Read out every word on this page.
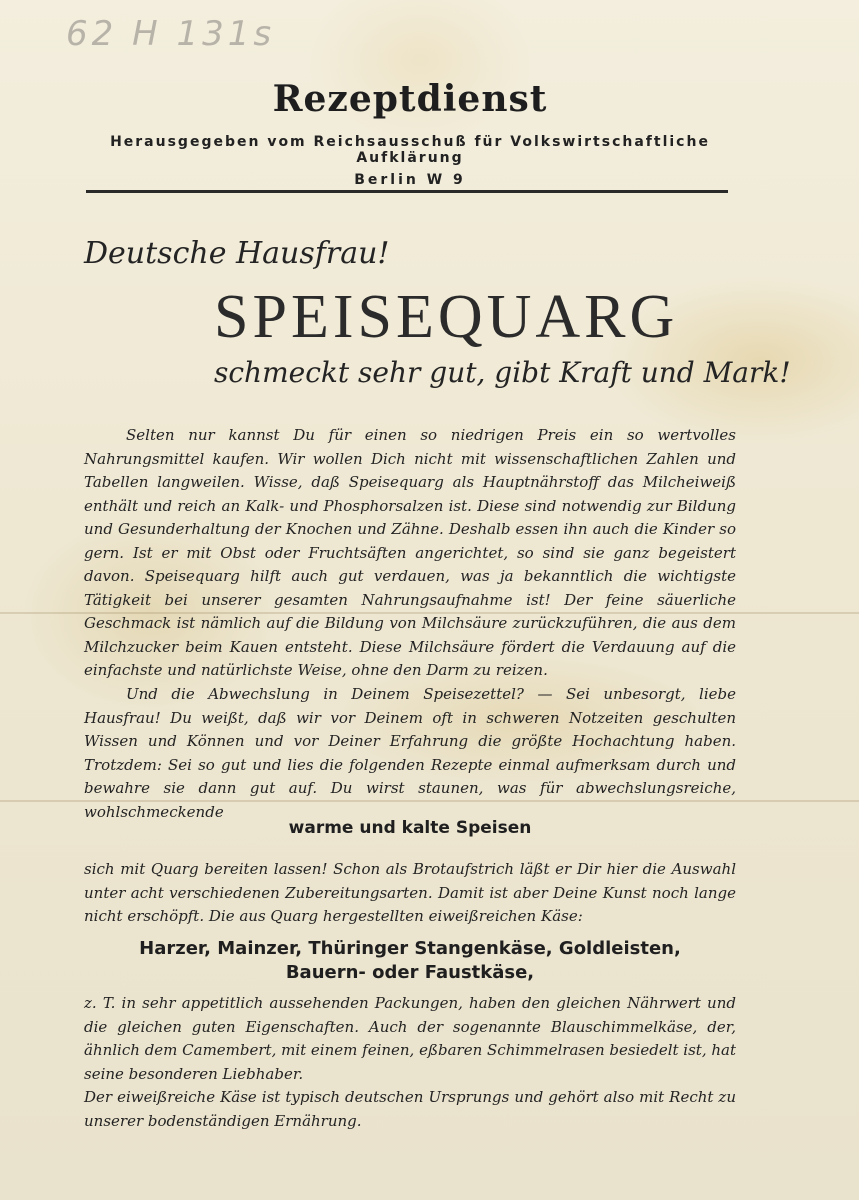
62 H 131s
Rezeptdienst
Herausgegeben vom Reichsausschuß für Volkswirtschaftliche Aufklärung
Berlin W 9
Deutsche Hausfrau!
SPEISEQUARG
schmeckt sehr gut, gibt Kraft und Mark!

Selten nur kannst Du für einen so niedrigen Preis ein so wertvolles Nahrungsmittel kaufen. Wir wollen Dich nicht mit wissenschaftlichen Zahlen und Tabellen langweilen. Wisse, daß Speisequarg als Hauptnährstoff das Milcheiweiß enthält und reich an Kalk- und Phosphorsalzen ist. Diese sind notwendig zur Bildung und Gesunderhaltung der Knochen und Zähne. Deshalb essen ihn auch die Kinder so gern. Ist er mit Obst oder Fruchtsäften angerichtet, so sind sie ganz begeistert davon. Speisequarg hilft auch gut verdauen, was ja bekanntlich die wichtigste Tätigkeit bei unserer gesamten Nahrungsaufnahme ist! Der feine säuerliche Geschmack ist nämlich auf die Bildung von Milchsäure zurückzuführen, die aus dem Milchzucker beim Kauen entsteht. Diese Milchsäure fördert die Verdauung auf die einfachste und natürlichste Weise, ohne den Darm zu reizen.

Und die Abwechslung in Deinem Speisezettel? — Sei unbesorgt, liebe Hausfrau! Du weißt, daß wir vor Deinem oft in schweren Notzeiten geschulten Wissen und Können und vor Deiner Erfahrung die größte Hochachtung haben. Trotzdem: Sei so gut und lies die folgenden Rezepte einmal aufmerksam durch und bewahre sie dann gut auf. Du wirst staunen, was für abwechslungsreiche, wohlschmeckende

warme und kalte Speisen

sich mit Quarg bereiten lassen! Schon als Brotaufstrich läßt er Dir hier die Auswahl unter acht verschiedenen Zubereitungsarten. Damit ist aber Deine Kunst noch lange nicht erschöpft. Die aus Quarg hergestellten eiweißreichen Käse:

Harzer, Mainzer, Thüringer Stangenkäse, Goldleisten,

Bauern- oder Faustkäse,

z. T. in sehr appetitlich aussehenden Packungen, haben den gleichen Nährwert und die gleichen guten Eigenschaften. Auch der sogenannte Blauschimmelkäse, der, ähnlich dem Camembert, mit einem feinen, eßbaren Schimmelrasen besiedelt ist, hat seine besonderen Liebhaber.

Der eiweißreiche Käse ist typisch deutschen Ursprungs und gehört also mit Recht zu unserer bodenständigen Ernährung.
